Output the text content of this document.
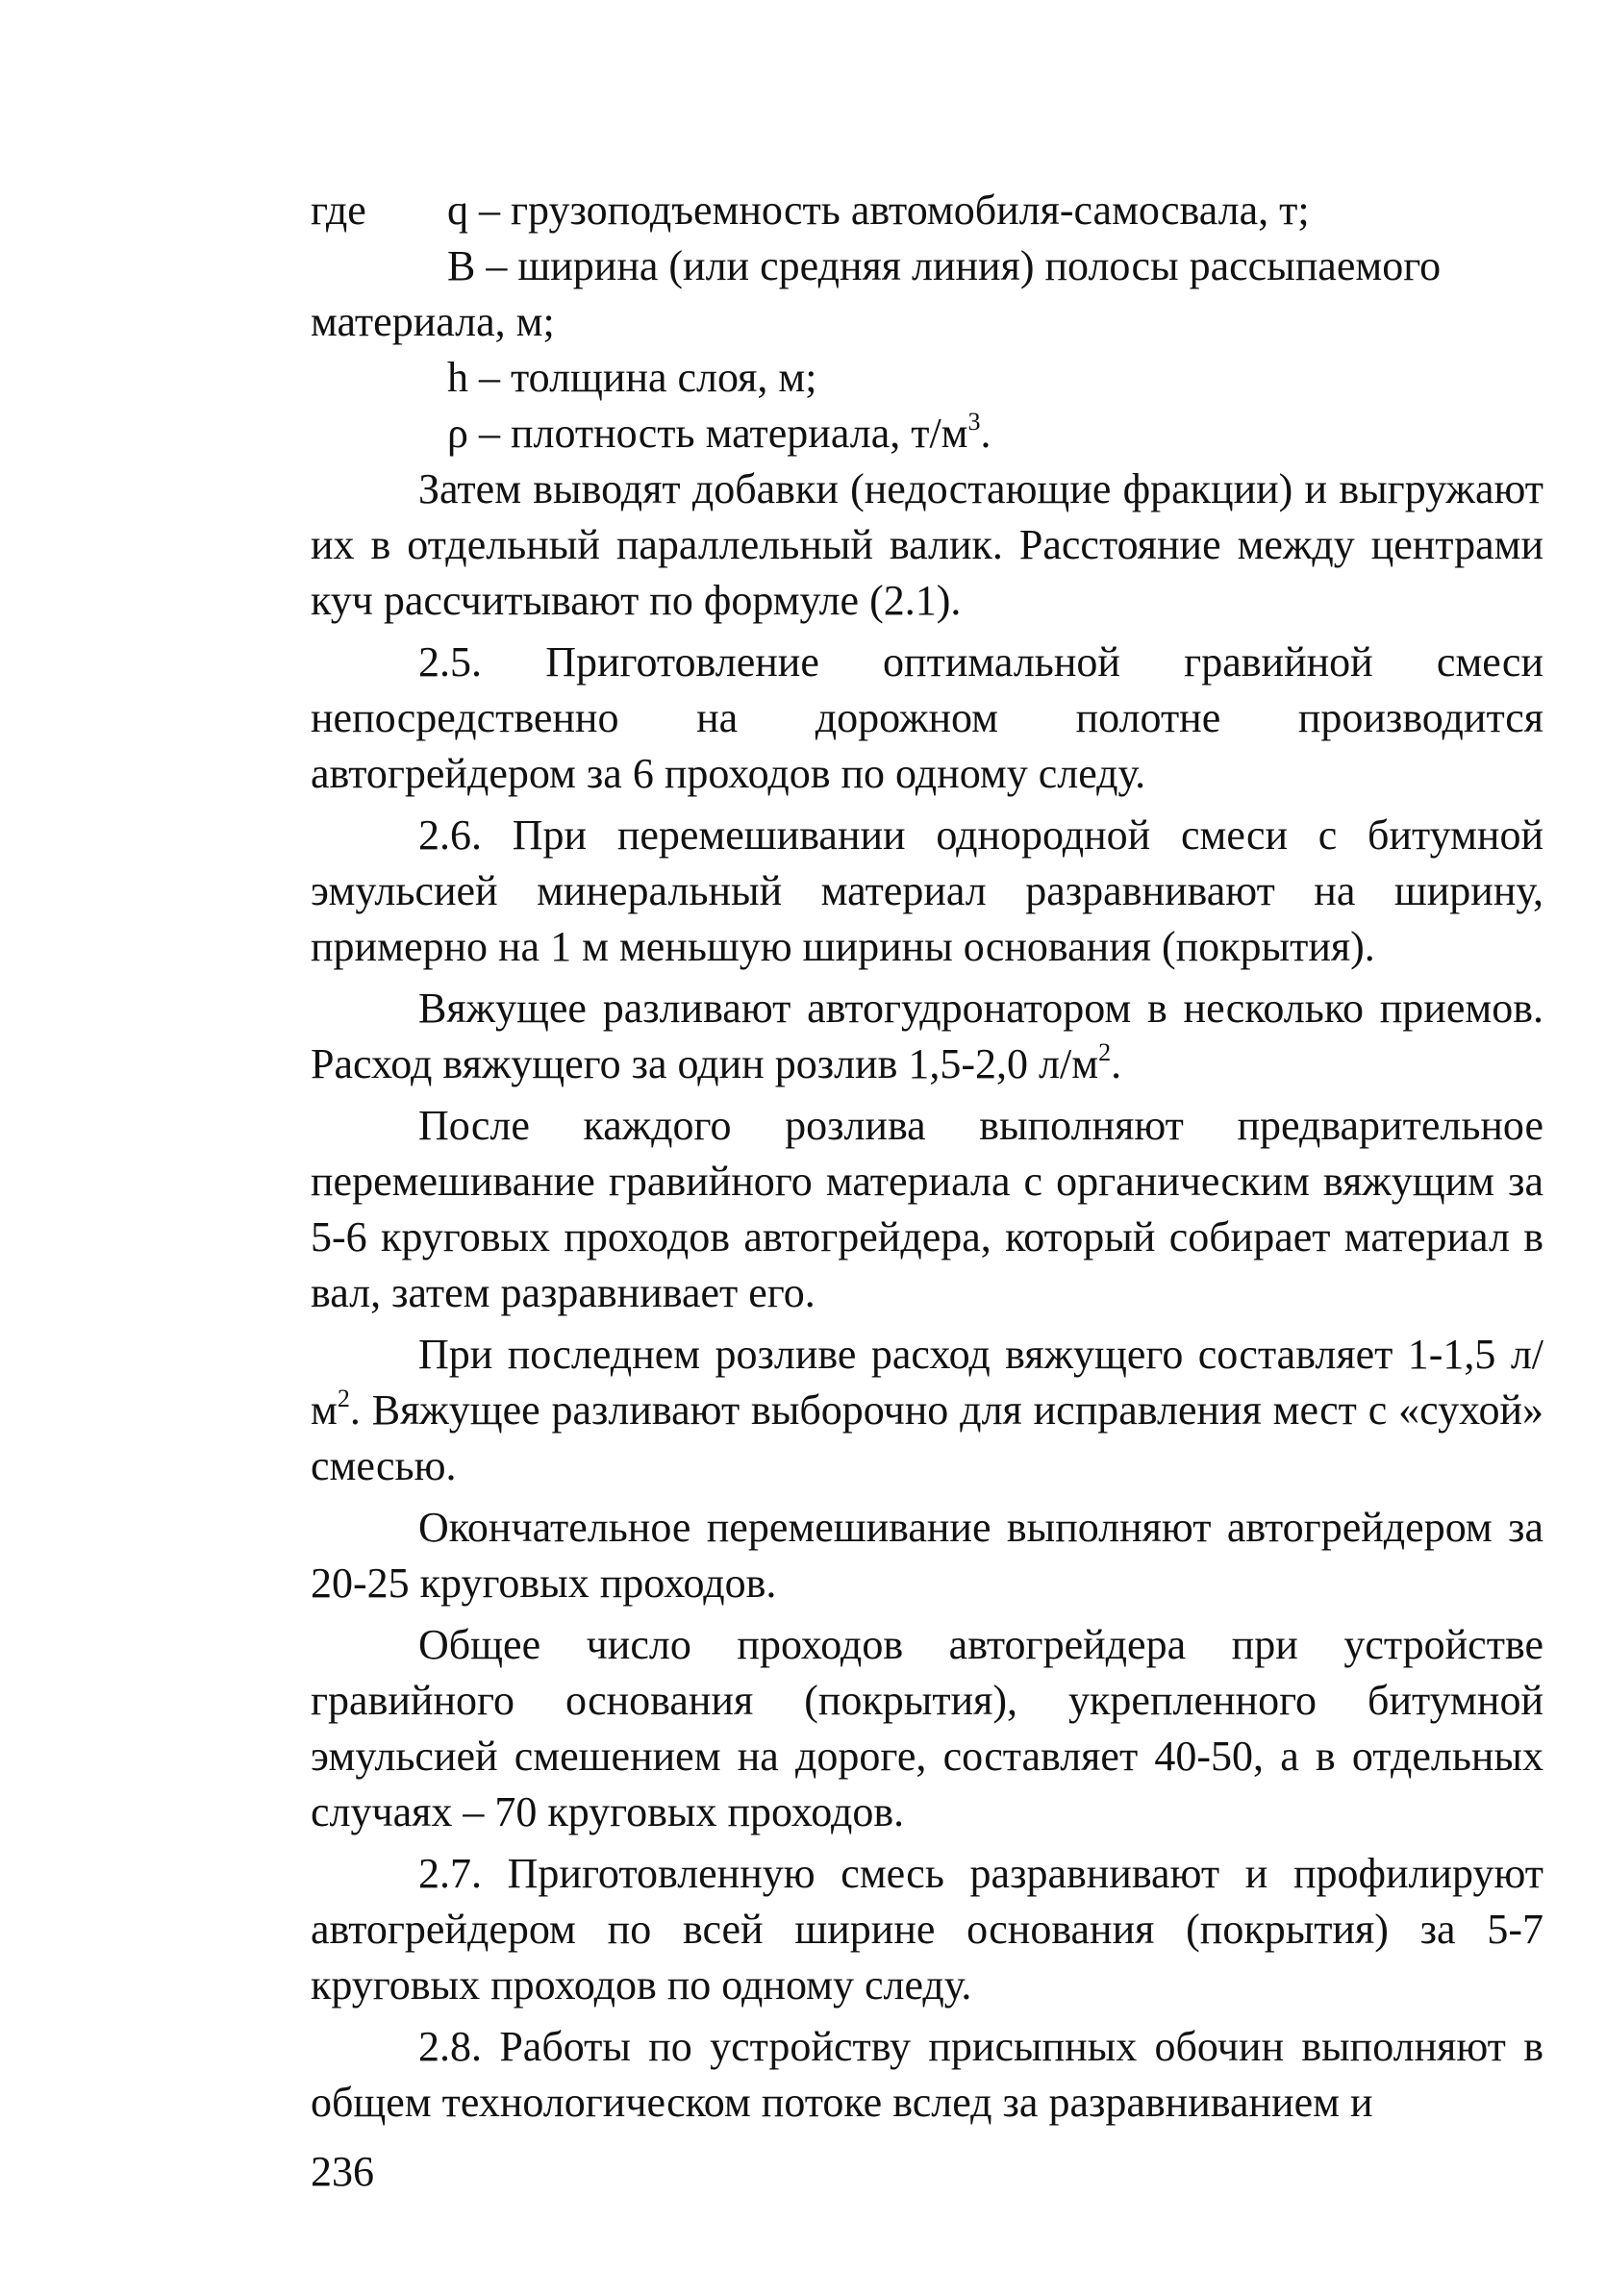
где q – грузоподъемность автомобиля-самосвала, т;
B – ширина (или средняя линия) полосы рассыпаемого
материала, м;
h – толщина слоя, м;
ρ – плотность материала, $т/м^3$.

Затем выводят добавки (недостающие фракции) и выгружают их в отдельный параллельный валик. Расстояние между центрами куч рассчитывают по формуле (2.1).

2.5. Приготовление оптимальной гравийной смеси непосредственно на дорожном полотне производится автогрейдером за 6 проходов по одному следу.

2.6. При перемешивании однородной смеси с битумной эмульсией минеральный материал разравнивают на ширину, примерно на 1 м меньшую ширины основания (покрытия).

Вяжущее разливают автогудронатором в несколько приемов. Расход вяжущего за один розлив 1,5-2,0 $л/м^2$.

После каждого розлива выполняют предварительное перемешивание гравийного материала с органическим вяжущим за 5-6 круговых проходов автогрейдера, который собирает материал в вал, затем разравнивает его.

При последнем розливе расход вяжущего составляет 1-1,5 $л/м^2$. Вяжущее разливают выборочно для исправления мест с «сухой» смесью.

Окончательное перемешивание выполняют автогрейдером за 20-25 круговых проходов.

Общее число проходов автогрейдера при устройстве гравийного основания (покрытия), укрепленного битумной эмульсией смешением на дороге, составляет 40-50, а в отдельных случаях – 70 круговых проходов.

2.7. Приготовленную смесь разравнивают и профилируют автогрейдером по всей ширине основания (покрытия) за 5-7 круговых проходов по одному следу.

2.8. Работы по устройству присыпных обочин выполняют в общем технологическом потоке вслед за разравниванием и

236
